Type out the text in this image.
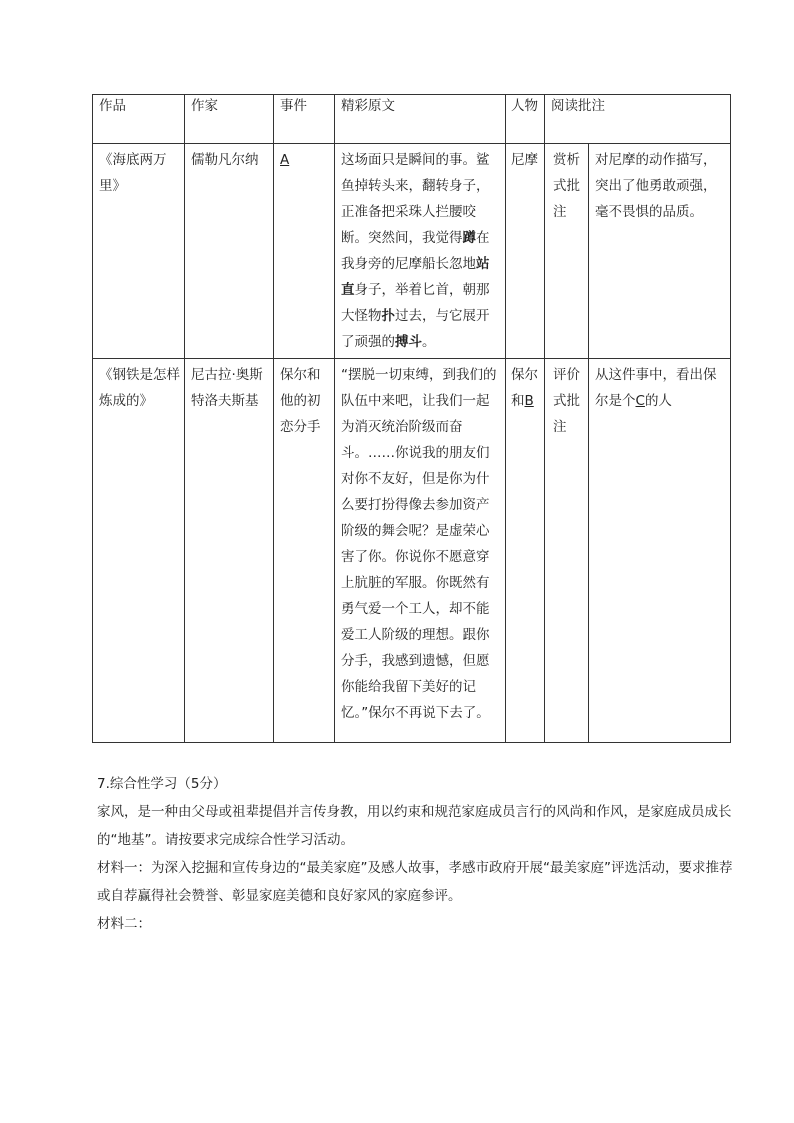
作品	作家	事件	精彩原文	人物	阅读批注	
《海底两万里》	儒勒凡尔纳	A	这场面只是瞬间的事。鲨鱼掉转头来，翻转身子，正准备把采珠人拦腰咬断。突然间，我觉得蹲在我身旁的尼摩船长忽地站直身子，举着匕首，朝那大怪物扑过去，与它展开了顽强的搏斗。	尼摩	赏析式批注	对尼摩的动作描写，突出了他勇敢顽强，毫不畏惧的品质。
《钢铁是怎样炼成的》	尼古拉·奥斯特洛夫斯基	保尔和他的初恋分手	“摆脱一切束缚，到我们的队伍中来吧，让我们一起为消灭统治阶级而奋斗。……你说我的朋友们对你不友好，但是你为什么要打扮得像去参加资产阶级的舞会呢？是虚荣心害了你。你说你不愿意穿上肮脏的军服。你既然有勇气爱一个工人，却不能爱工人阶级的理想。跟你分手，我感到遗憾，但愿你能给我留下美好的记忆。”保尔不再说下去了。	保尔和B	评价式批注	从这件事中，看出保尔是个C的人

7.综合性学习（5分）

家风，是一种由父母或祖辈提倡并言传身教，用以约束和规范家庭成员言行的风尚和作风，是家庭成员成长的“地基”。请按要求完成综合性学习活动。

材料一：为深入挖掘和宣传身边的“最美家庭”及感人故事，孝感市政府开展“最美家庭”评选活动，要求推荐或自荐赢得社会赞誉、彰显家庭美德和良好家风的家庭参评。

材料二：
